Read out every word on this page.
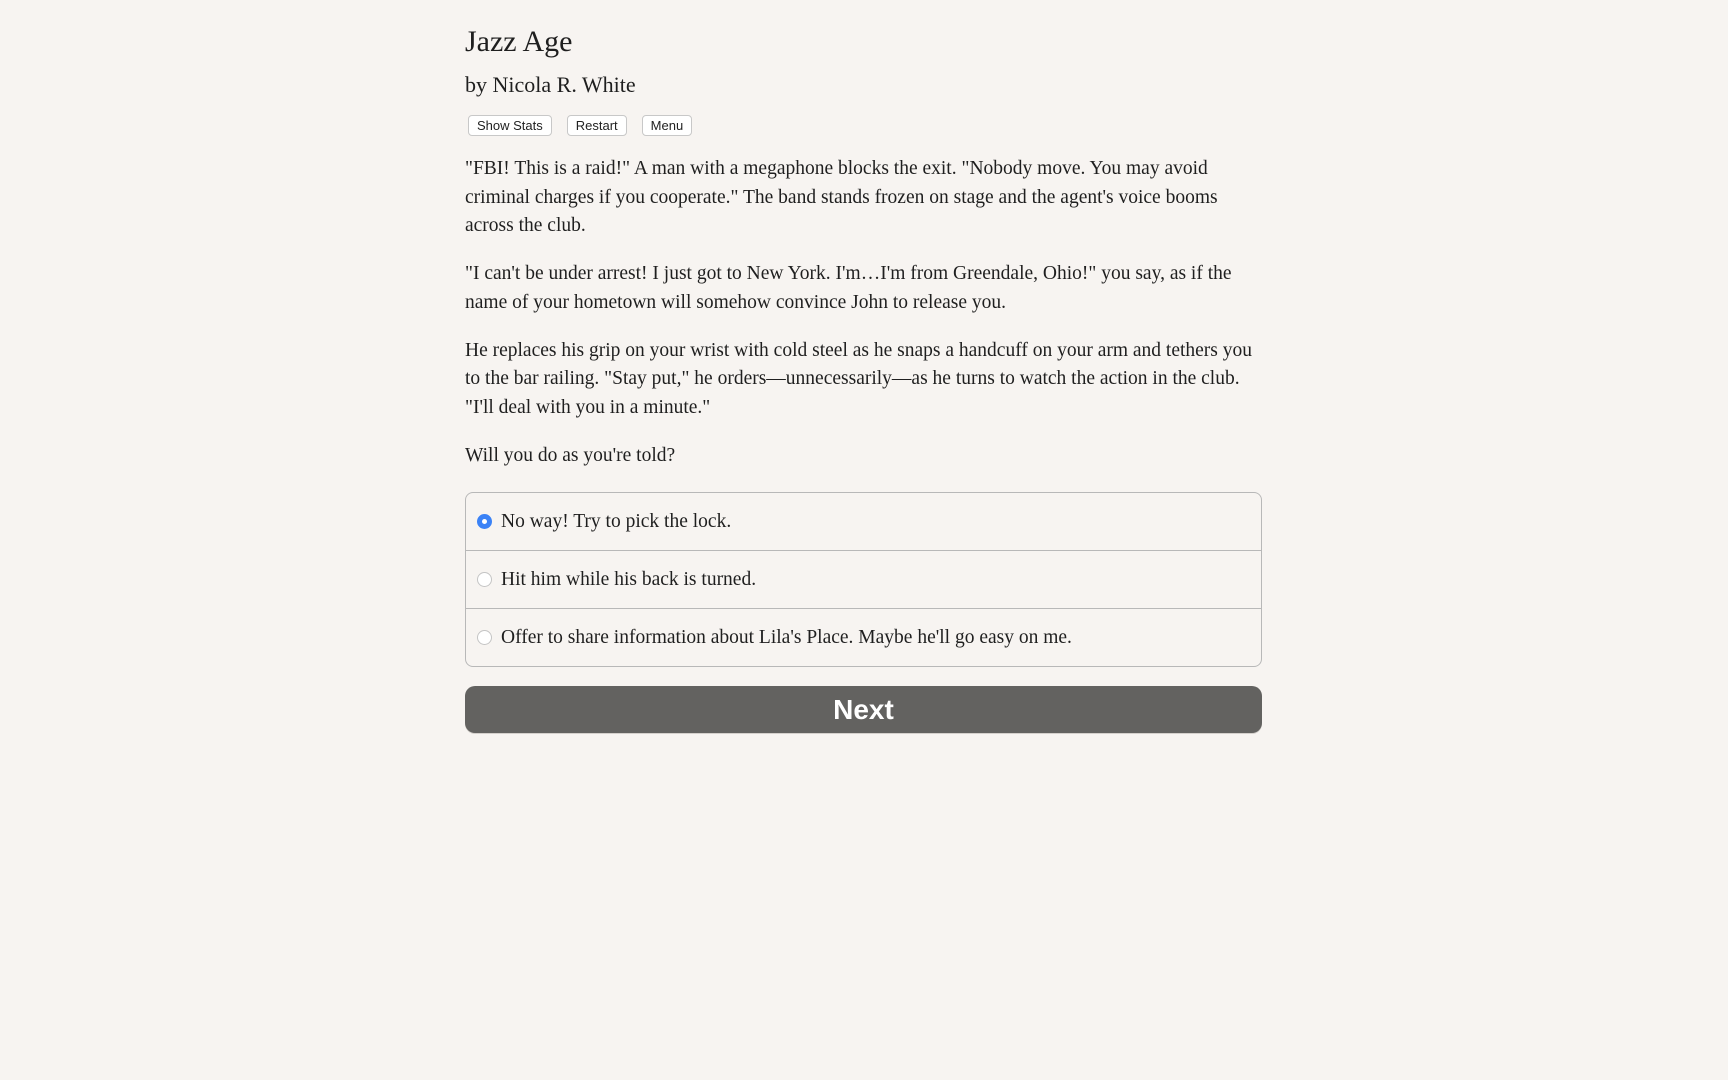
Jazz Age
by Nicola R. White
Show Stats	Restart	Menu

"FBI! This is a raid!" A man with a megaphone blocks the exit. "Nobody move. You may avoid criminal charges if you cooperate." The band stands frozen on stage and the agent's voice booms across the club.

"I can't be under arrest! I just got to New York. I'm…I'm from Greendale, Ohio!" you say, as if the name of your hometown will somehow convince John to release you.

He replaces his grip on your wrist with cold steel as he snaps a handcuff on your arm and tethers you to the bar railing. "Stay put," he orders—unnecessarily—as he turns to watch the action in the club. "I'll deal with you in a minute."

Will you do as you're told?

No way! Try to pick the lock.
Hit him while his back is turned.
Offer to share information about Lila's Place. Maybe he'll go easy on me.
Next
